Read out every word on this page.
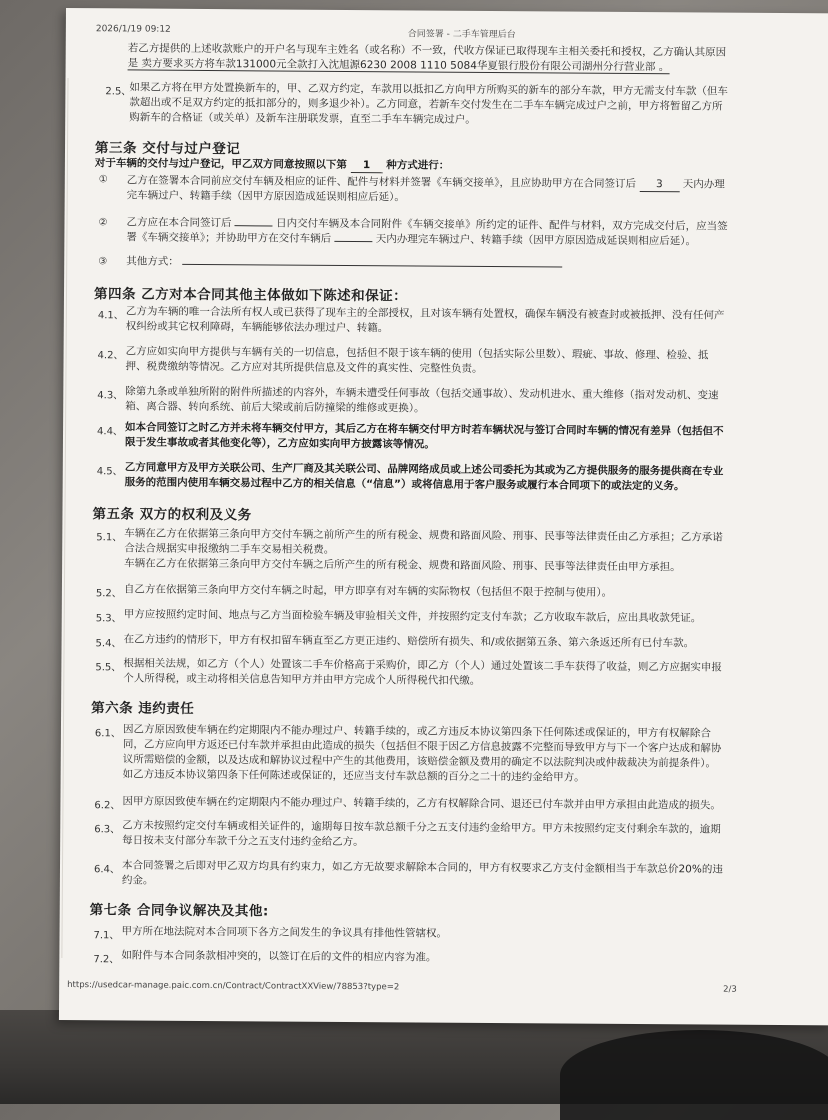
2026/1/19 09:12	合同签署 - 二手车管理后台
若乙方提供的上述收款账户的开户名与现车主姓名（或名称）不一致，代收方保证已取得现车主相关委托和授权，乙方确认其原因
是 卖方要求买方将车款131000元全款打入沈旭源6230 2008 1110 5084华夏银行股份有限公司湖州分行营业部 。
2.5、
如果乙方将在甲方处置换新车的，甲、乙双方约定，车款用以抵扣乙方向甲方所购买的新车的部分车款，甲方无需支付车款（但车
款超出或不足双方约定的抵扣部分的，则多退少补）。乙方同意，若新车交付发生在二手车车辆完成过户之前，甲方将暂留乙方所
购新车的合格证（或关单）及新车注册联发票，直至二手车车辆完成过户。
第三条 交付与过户登记
对于车辆的交付与过户登记，甲乙双方同意按照以下第 1 种方式进行：
① 乙方在签署本合同前应交付车辆及相应的证件、配件与材料并签署《车辆交接单》，且应协助甲方在合同签订后 3 天内办理
完车辆过户、转籍手续（因甲方原因造成延误则相应后延）。
② 乙方应在本合同签订后	日内交付车辆及本合同附件《车辆交接单》所约定的证件、配件与材料，双方完成交付后，应当签
署《车辆交接单》；并协助甲方在交付车辆后	天内办理完车辆过户、转籍手续（因甲方原因造成延误则相应后延）。
③ 其他方式：
第四条 乙方对本合同其他主体做如下陈述和保证：
4.1、 乙方为车辆的唯一合法所有权人或已获得了现车主的全部授权，且对该车辆有处置权，确保车辆没有被查封或被抵押、没有任何产
权纠纷或其它权利障碍，车辆能够依法办理过户、转籍。
4.2、 乙方应如实向甲方提供与车辆有关的一切信息，包括但不限于该车辆的使用（包括实际公里数）、瑕疵、事故、修理、检验、抵
押、税费缴纳等情况。乙方应对其所提供信息及文件的真实性、完整性负责。
4.3、 除第九条或单独所附的附件所描述的内容外，车辆未遭受任何事故（包括交通事故）、发动机进水、重大维修（指对发动机、变速
箱、离合器、转向系统、前后大梁或前后防撞梁的维修或更换）。
4.4、 如本合同签订之时乙方并未将车辆交付甲方，其后乙方在将车辆交付甲方时若车辆状况与签订合同时车辆的情况有差异（包括但不
限于发生事故或者其他变化等），乙方应如实向甲方披露该等情况。
4.5、 乙方同意甲方及甲方关联公司、生产厂商及其关联公司、品牌网络成员或上述公司委托为其或为乙方提供服务的服务提供商在专业
服务的范围内使用车辆交易过程中乙方的相关信息（“信息”）或将信息用于客户服务或履行本合同项下的或法定的义务。
第五条 双方的权利及义务
5.1、 车辆在乙方在依据第三条向甲方交付车辆之前所产生的所有税金、规费和路面风险、刑事、民事等法律责任由乙方承担；乙方承诺
合法合规据实申报缴纳二手车交易相关税费。
车辆在乙方在依据第三条向甲方交付车辆之后所产生的所有税金、规费和路面风险、刑事、民事等法律责任由甲方承担。
5.2、 自乙方在依据第三条向甲方交付车辆之时起，甲方即享有对车辆的实际物权（包括但不限于控制与使用）。
5.3、 甲方应按照约定时间、地点与乙方当面检验车辆及审验相关文件，并按照约定支付车款；乙方收取车款后，应出具收款凭证。
5.4、 在乙方违约的情形下，甲方有权扣留车辆直至乙方更正违约、赔偿所有损失、和/或依据第五条、第六条返还所有已付车款。
5.5、 根据相关法规，如乙方（个人）处置该二手车价格高于采购价，即乙方（个人）通过处置该二手车获得了收益，则乙方应据实申报
个人所得税，或主动将相关信息告知甲方并由甲方完成个人所得税代扣代缴。
第六条 违约责任
6.1、 因乙方原因致使车辆在约定期限内不能办理过户、转籍手续的，或乙方违反本协议第四条下任何陈述或保证的，甲方有权解除合
同，乙方应向甲方返还已付车款并承担由此造成的损失（包括但不限于因乙方信息披露不完整而导致甲方与下一个客户达成和解协
议所需赔偿的金额，以及达成和解协议过程中产生的其他费用，该赔偿金额及费用的确定不以法院判决或仲裁裁决为前提条件）。
如乙方违反本协议第四条下任何陈述或保证的，还应当支付车款总额的百分之二十的违约金给甲方。
6.2、 因甲方原因致使车辆在约定期限内不能办理过户、转籍手续的，乙方有权解除合同、退还已付车款并由甲方承担由此造成的损失。
6.3、 乙方未按照约定交付车辆或相关证件的，逾期每日按车款总额千分之五支付违约金给甲方。甲方未按照约定支付剩余车款的，逾期
每日按未支付部分车款千分之五支付违约金给乙方。
6.4、 本合同签署之后即对甲乙双方均具有约束力，如乙方无故要求解除本合同的，甲方有权要求乙方支付金额相当于车款总价20%的违
约金。
第七条 合同争议解决及其他:
7.1、 甲方所在地法院对本合同项下各方之间发生的争议具有排他性管辖权。
7.2、 如附件与本合同条款相冲突的，以签订在后的文件的相应内容为准。
https://usedcar-manage.paic.com.cn/Contract/ContractXXView/78853?type=2	2/3
